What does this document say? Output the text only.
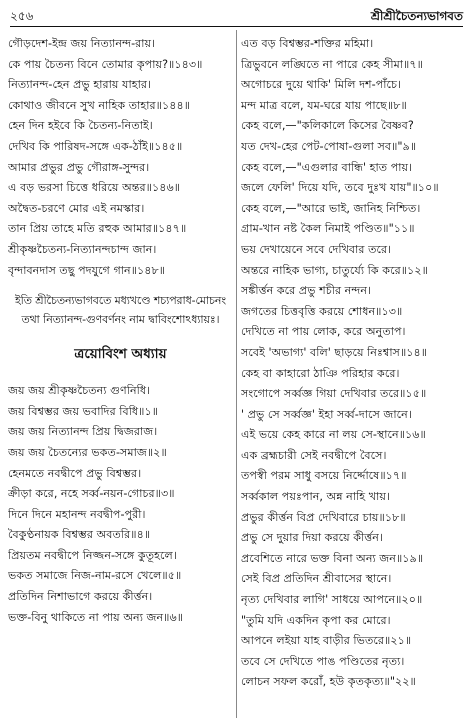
২৫৬	শ্রীশ্রীচৈতন্যভাগবত
গৌড়দেশ-ইন্দ্র জয় নিত্যানন্দ-রায়।
কে পায় চৈতন্য বিনে তোমার কৃপায়?॥১৪৩॥
নিত্যানন্দ-হেন প্রভু হারায় যাহার।
কোথাও জীবনে সুখ নাহিক তাহার॥১৪৪॥
হেন দিন হইবে কি চৈতন্য-নিতাই।
দেখিব কি পারিষদ-সঙ্গে এক-ঠাঁই॥১৪৫॥
আমার প্রভুর প্রভু গৌরাঙ্গ-সুন্দর।
এ বড় ভরসা চিত্তে ধরিয়ে অন্তর॥১৪৬॥
অদ্বৈত-চরণে মোর এই নমস্কার।
তান প্রিয় তাহে মতি রহুক আমার॥১৪৭॥
শ্রীকৃষ্ণচৈতন্য-নিত্যানন্দচান্দ জান।
বৃন্দাবনদাস তছু পদযুগে গান॥১৪৮॥
ইতি শ্রীচৈতন্যভাগবতে মধ্যখণ্ডে শচ্যপরাধ-মোচনং তথা নিত্যানন্দ-গুণবর্ণনং নাম দ্বাবিংশোঽধ্যায়ঃ।
ত্রয়োবিংশ অধ্যায়
জয় জয় শ্রীকৃষ্ণচৈতন্য গুণনিধি।
জয় বিশ্বম্ভর জয় ভবাদির বিধি॥১॥
জয় জয় নিত্যানন্দ প্রিয় দ্বিজরাজ।
জয় জয় চৈতন্যের ভকত-সমাজ॥২॥
হেনমতে নবদ্বীপে প্রভু বিশ্বম্ভর।
ক্রীড়া করে, নহে সর্ব্ব-নয়ন-গোচর॥৩॥
দিনে দিনে মহানন্দ নবদ্বীপ-পুরী।
বৈকুণ্ঠনায়ক বিশ্বম্ভর অবতরি॥৪॥
প্রিয়তম নবদ্বীপে নিজ্জন-সঙ্গে কুতূহলে।
ভকত সমাজে নিজ-নাম-রসে খেলে॥৫॥
প্রতিদিন নিশাভাগে করয়ে কীর্ত্তন।
ভক্ত-বিনু থাকিতে না পায় অন্য জন॥৬॥
এত বড় বিশ্বম্ভর-শক্তির মহিমা।
ত্রিভুবনে লঙ্ঘিতে না পারে কেহ সীমা॥৭॥
অগোচরে দুয়ে থাকি' মিলি দশ-পাঁচে।
মন্দ মাত্র বলে, যম-ঘরে যায় পাছে॥৮॥
কেহ বলে,—"কলিকালে কিসের বৈষ্ণব?
যত দেখ-হের পেট-পোষা-গুলা সব॥"৯॥
কেহ বলে,—"এগুলার বান্ধি' হাত পায়।
জলে ফেলি' দিয়ে যদি, তবে দুঃখ যায়"॥১০॥
কেহ বলে,—"আরে ভাই, জানিহ নিশ্চিত।
গ্রাম-খান নষ্ট কৈল নিমাই পণ্ডিত॥"১১॥
ভয় দেখায়েনে সবে দেখিবার তরে।
অন্তরে নাহিক ভাগ্য, চাতুর্য্যে কি করে॥১২॥
সঙ্কীর্ত্তন করে প্রভু শচীর নন্দন।
জগতের চিত্তবৃত্তি করয়ে শোধন॥১৩॥
দেখিতে না পায় লোক, করে অনুতাপ।
সবেই 'অভাগ্য' বলি' ছাড়য়ে নিঃশ্বাস॥১৪॥
কেহ বা কাহারো ঠাঞি পরিহার করে।
সংগোপে সর্ব্বজ্ঞ গিয়া দেখিবার তরে॥১৫॥
' প্রভু সে সর্ব্বজ্ঞ' ইহা সর্ব্ব-দাসে জানে।
এই ভয়ে কেহ কারে না লয় সে-স্থানে॥১৬॥
এক ব্রহ্মচারী সেই নবদ্বীপে বৈসে।
তপস্বী পরম সাধু বসয়ে নির্দ্দোষে॥১৭॥
সর্ব্বকাল পয়ঃপান, অন্ন নাহি খায়।
প্রভুর কীর্ত্তন বিপ্র দেখিবারে চায়॥১৮॥
প্রভু সে দুয়ার দিয়া করয়ে কীর্ত্তন।
প্রবেশিতে নারে ভক্ত বিনা অন্য জন॥১৯॥
সেই বিপ্র প্রতিদিন শ্রীবাসের স্থানে।
নৃত্য দেখিবার লাগি' সাধয়ে আপনে॥২০॥
"তুমি যদি একদিন কৃপা কর মোরে।
আপনে লইয়া যাহ বাড়ীর ভিতরে॥২১॥
তবে সে দেখিতে পাঙ পণ্ডিতের নৃত্য।
লোচন সফল করোঁ, হউ কৃতকৃত্য॥"২২॥
